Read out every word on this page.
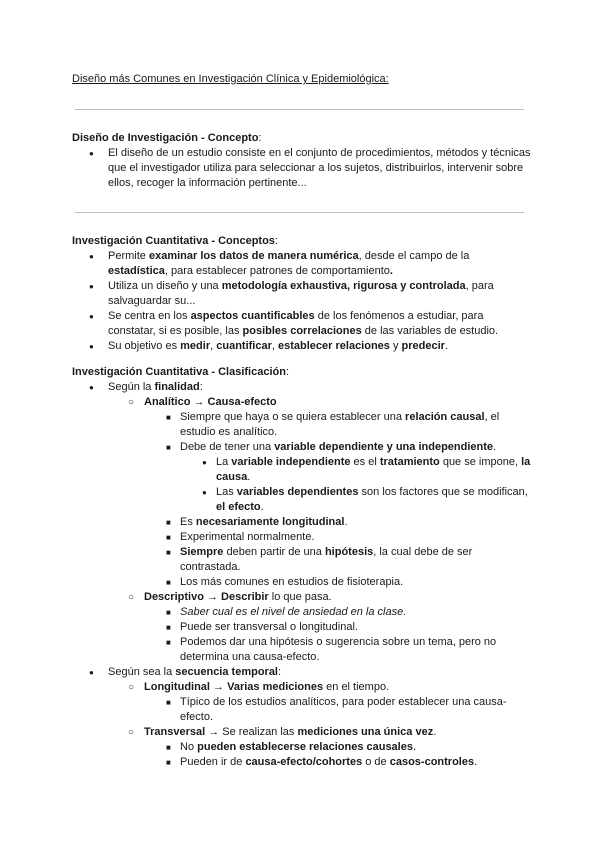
Diseño más Comunes en Investigación Clínica y Epidemiológica:
Diseño de Investigación - Concepto:
● El diseño de un estudio consiste en el conjunto de procedimientos, métodos y técnicas que el investigador utiliza para seleccionar a los sujetos, distribuirlos, intervenir sobre ellos, recoger la información pertinente...
Investigación Cuantitativa - Conceptos:
● Permite examinar los datos de manera numérica, desde el campo de la estadística, para establecer patrones de comportamiento.
● Utiliza un diseño y una metodología exhaustiva, rigurosa y controlada, para salvaguardar su...
● Se centra en los aspectos cuantificables de los fenómenos a estudiar, para constatar, si es posible, las posibles correlaciones de las variables de estudio.
● Su objetivo es medir, cuantificar, establecer relaciones y predecir.
Investigación Cuantitativa - Clasificación:
● Según la finalidad:
○ Analítico → Causa-efecto
■ Siempre que haya o se quiera establecer una relación causal, el estudio es analítico.
■ Debe de tener una variable dependiente y una independiente.
● La variable independiente es el tratamiento que se impone, la causa.
● Las variables dependientes son los factores que se modifican, el efecto.
■ Es necesariamente longitudinal.
■ Experimental normalmente.
■ Siempre deben partir de una hipótesis, la cual debe de ser contrastada.
■ Los más comunes en estudios de fisioterapia.
○ Descriptivo → Describir lo que pasa.
■ Saber cual es el nivel de ansiedad en la clase.
■ Puede ser transversal o longitudinal.
■ Podemos dar una hipótesis o sugerencia sobre un tema, pero no determina una causa-efecto.
● Según sea la secuencia temporal:
○ Longitudinal → Varias mediciones en el tiempo.
■ Típico de los estudios analíticos, para poder establecer una causa-efecto.
○ Transversal → Se realizan las mediciones una única vez.
■ No pueden establecerse relaciones causales.
■ Pueden ir de causa-efecto/cohortes o de casos-controles.
